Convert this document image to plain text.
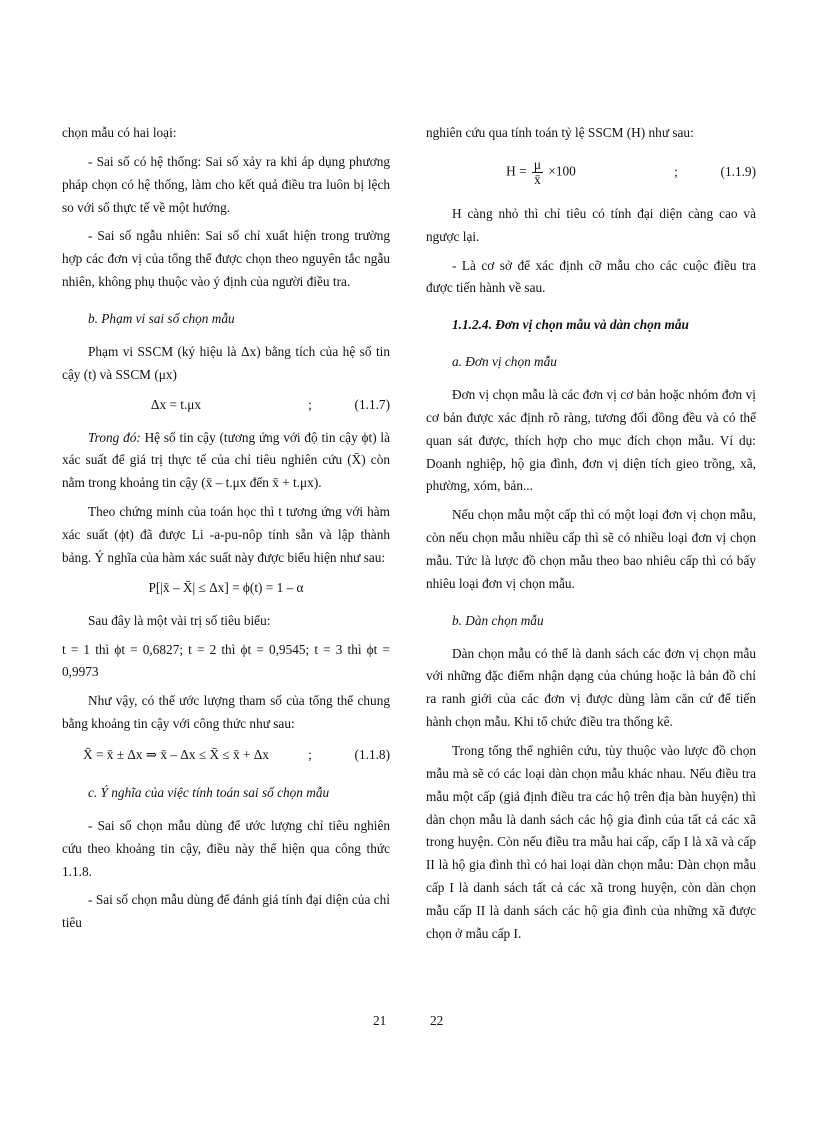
chọn mẫu có hai loại:

- Sai số có hệ thống: Sai số xảy ra khi áp dụng phương pháp chọn có hệ thống, làm cho kết quả điều tra luôn bị lệch so với số thực tế về một hướng.

- Sai số ngẫu nhiên: Sai số chỉ xuất hiện trong trường hợp các đơn vị của tổng thể được chọn theo nguyên tắc ngẫu nhiên, không phụ thuộc vào ý định của người điều tra.

b. Phạm vi sai số chọn mẫu

Phạm vi SSCM (ký hiệu là Δx) bằng tích của hệ số tin cậy (t) và SSCM (μx)

Δx = t.μx	;	(1.1.7)

Trong đó: Hệ số tin cậy (tương ứng với độ tin cậy ϕt) là xác suất để giá trị thực tế của chỉ tiêu nghiên cứu (X̄) còn nằm trong khoảng tin cậy (x̄ – t.μx đến x̄ + t.μx).

Theo chứng minh của toán học thì t tương ứng với hàm xác suất (ϕt) đã được Li -a-pu-nôp tính sẵn và lập thành bảng. Ý nghĩa của hàm xác suất này được biểu hiện như sau:

P[|x̄ – X̄| ≤ Δx] = ϕ(t) = 1 – α

Sau đây là một vài trị số tiêu biểu:

t = 1 thì ϕt = 0,6827; t = 2 thì ϕt = 0,9545; t = 3 thì ϕt = 0,9973

Như vậy, có thể ước lượng tham số của tổng thể chung bằng khoảng tin cậy với công thức như sau:

X̄ = x̄ ± Δx ⇒ x̄ – Δx ≤ X̄ ≤ x̄ + Δx	;	(1.1.8)
c. Ý nghĩa của việc tính toán sai số chọn mẫu

- Sai số chọn mẫu dùng để ước lượng chỉ tiêu nghiên cứu theo khoảng tin cậy, điều này thể hiện qua công thức 1.1.8.

- Sai số chọn mẫu dùng để đánh giá tính đại diện của chỉ tiêu

21

nghiên cứu qua tính toán tỷ lệ SSCM (H) như sau:

$H = \frac{\mu}{x̄} \times 100$	;	(1.1.9)

H càng nhỏ thì chỉ tiêu có tính đại diện càng cao và ngược lại.

- Là cơ sở để xác định cỡ mẫu cho các cuộc điều tra được tiến hành về sau.

1.1.2.4. Đơn vị chọn mẫu và dàn chọn mẫu
a. Đơn vị chọn mẫu

Đơn vị chọn mẫu là các đơn vị cơ bản hoặc nhóm đơn vị cơ bản được xác định rõ ràng, tương đối đồng đều và có thể quan sát được, thích hợp cho mục đích chọn mẫu. Ví dụ: Doanh nghiệp, hộ gia đình, đơn vị diện tích gieo trồng, xã, phường, xóm, bản...

Nếu chọn mẫu một cấp thì có một loại đơn vị chọn mẫu, còn nếu chọn mẫu nhiều cấp thì sẽ có nhiều loại đơn vị chọn mẫu. Tức là lược đồ chọn mẫu theo bao nhiêu cấp thì có bấy nhiêu loại đơn vị chọn mẫu.

b. Dàn chọn mẫu

Dàn chọn mẫu có thể là danh sách các đơn vị chọn mẫu với những đặc điểm nhận dạng của chúng hoặc là bản đồ chỉ ra ranh giới của các đơn vị được dùng làm căn cứ để tiến hành chọn mẫu. Khi tổ chức điều tra thống kê.

Trong tổng thể nghiên cứu, tùy thuộc vào lược đồ chọn mẫu mà sẽ có các loại dàn chọn mẫu khác nhau. Nếu điều tra mẫu một cấp (giả định điều tra các hộ trên địa bàn huyện) thì dàn chọn mẫu là danh sách các hộ gia đình của tất cả các xã trong huyện. Còn nếu điều tra mẫu hai cấp, cấp I là xã và cấp II là hộ gia đình thì có hai loại dàn chọn mẫu: Dàn chọn mẫu cấp I là danh sách tất cả các xã trong huyện, còn dàn chọn mẫu cấp II là danh sách các hộ gia đình của những xã được chọn ở mẫu cấp I.

22
